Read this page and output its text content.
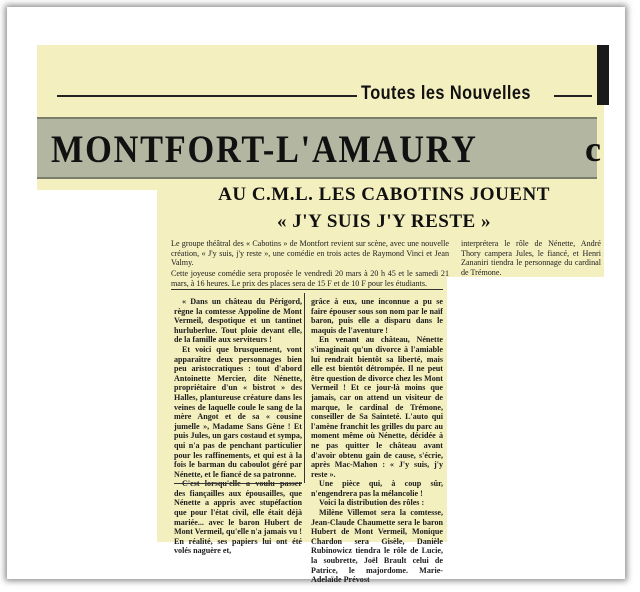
Toutes les Nouvelles
MONTFORT-L'AMAURY	c
AU C.M.L. LES CABOTINS JOUENT
« J'Y SUIS J'Y RESTE »

Le groupe théâtral des « Cabotins » de Montfort revient sur scène, avec une nouvelle création, « J'y suis, j'y reste », une comédie en trois actes de Raymond Vinci et Jean Valmy.

Cette joyeuse comédie sera proposée le vendredi 20 mars à 20 h 45 et le samedi 21 mars, à 16 heures. Le prix des places sera de 15 F et de 10 F pour les étudiants.

interprétera le rôle de Nénette, André Thory campera Jules, le fiancé, et Henri Zananiri tiendra le personnage du cardinal de Trémone.

« Dans un château du Périgord, règne la comtesse Appoline de Mont Vermeil, despotique et un tantinet hurluberlue. Tout ploie devant elle, de la famille aux serviteurs !
Et voici que brusquement, vont apparaître deux personnages bien peu aristocratiques : tout d'abord Antoinette Mercier, dite Nénette, propriétaire d'un « bistrot » des Halles, plantureuse créature dans les veines de laquelle coule le sang de la mère Angot et de sa « cousine jumelle », Madame Sans Gène ! Et puis Jules, un gars costaud et sympa, qui n'a pas de penchant particulier pour les raffinements, et qui est à la fois le barman du caboulot géré par Nénette, et le fiancé de sa patronne.
des fiançailles aux épousailles, que Nénette a appris avec stupéfaction que pour l'état civil, elle était déjà mariée... avec le baron Hubert de Mont Vermeil, qu'elle n'a jamais vu ! En réalité, ses papiers lui ont été volés naguère et,
grâce à eux, une inconnue a pu se faire épouser sous son nom par le naïf baron, puis elle a disparu dans le maquis de l'aventure !
En venant au château, Nénette s'imaginait qu'un divorce à l'amiable lui rendrait bientôt sa liberté, mais elle est bientôt détrompée. Il ne peut être question de divorce chez les Mont Vermeil ! Et ce jour-là moins que jamais, car on attend un visiteur de marque, le cardinal de Trémone, conseiller de Sa Sainteté. L'auto qui l'amène franchit les grilles du parc au moment même où Nénette, décidée à ne pas quitter le château avant d'avoir obtenu gain de cause, s'écrie, après Mac-Mahon : « J'y suis, j'y reste ».
Une pièce qui, à coup sûr, n'engendrera pas la mélancolie !
Voici la distribution des rôles :
Milène Villemot sera la comtesse, Jean-Claude Chaumette sera le baron Hubert de Mont Vermeil, Monique Chardon sera Gisèle, Danièle Rubinowicz tiendra le rôle de Lucie, la soubrette, Joël Brault celui de Patrice, le majordome. Marie-Adelaïde Prévost
